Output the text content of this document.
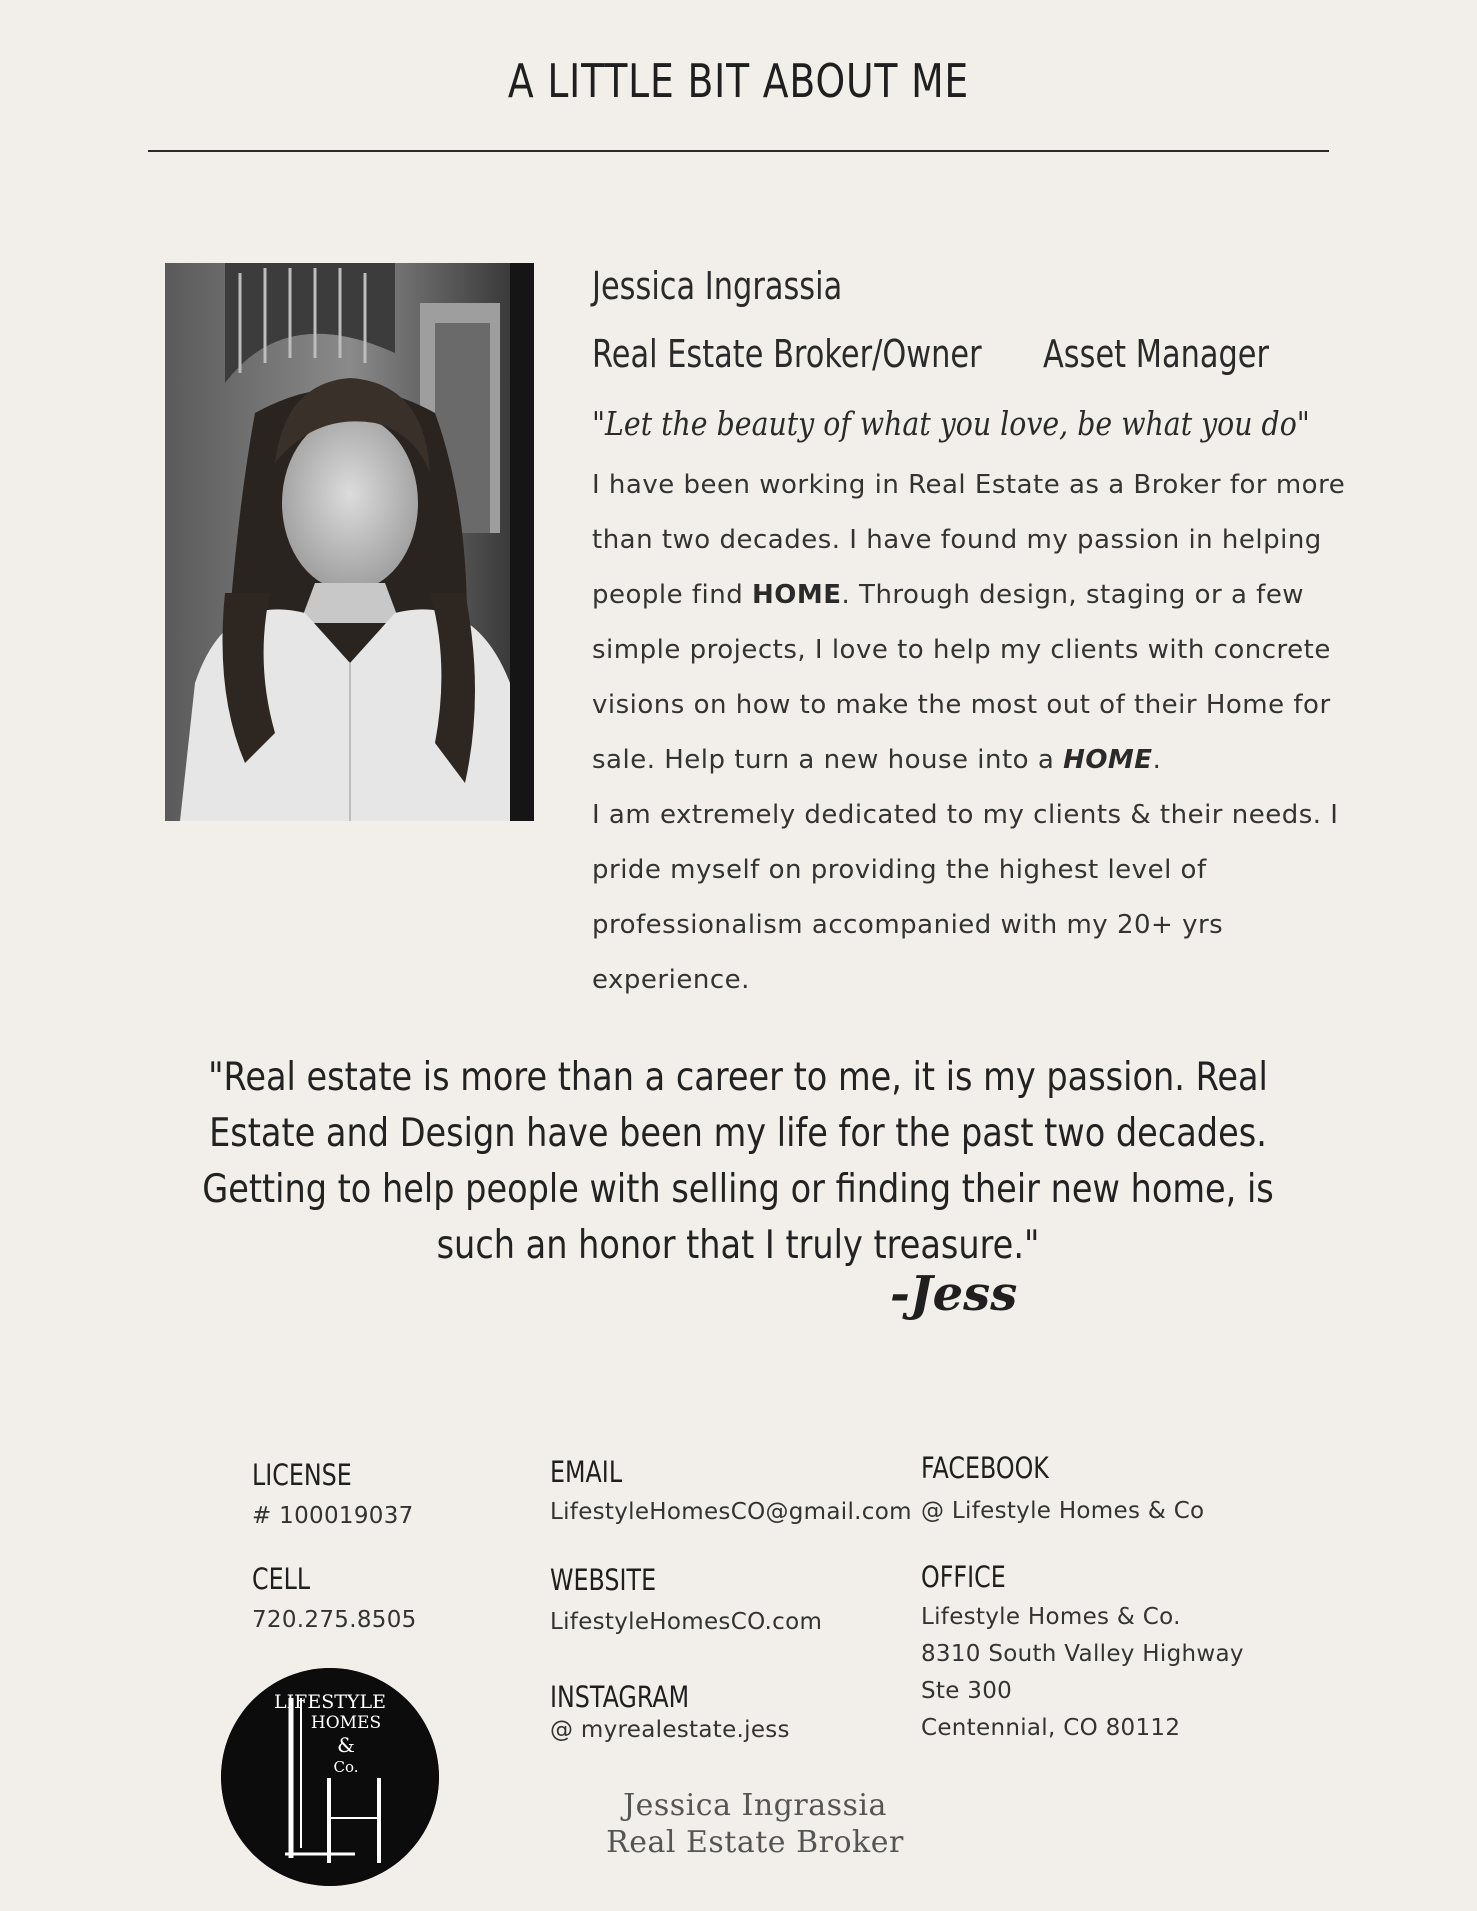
A LITTLE BIT ABOUT ME
Jessica Ingrassia
Real Estate Broker/Owner Asset Manager
"Let the beauty of what you love, be what you do"

I have been working in Real Estate as a Broker for more than two decades. I have found my passion in helping people find HOME. Through design, staging or a few simple projects, I love to help my clients with concrete visions on how to make the most out of their Home for sale. Help turn a new house into a HOME.

I am extremely dedicated to my clients & their needs. I pride myself on providing the highest level of professionalism accompanied with my 20+ yrs experience.

"Real estate is more than a career to me, it is my passion. Real Estate and Design have been my life for the past two decades. Getting to help people with selling or finding their new home, is such an honor that I truly treasure."
-Jess
LICENSE
# 100019037
CELL
720.275.8505
EMAIL
LifestyleHomesCO@gmail.com
WEBSITE
LifestyleHomesCO.com
INSTAGRAM
@ myrealestate.jess
FACEBOOK
@ Lifestyle Homes & Co
OFFICE
Lifestyle Homes & Co.
8310 South Valley Highway
Ste 300
Centennial, CO 80112
LIFESTYLE
HOMES
&
Co.
Jessica Ingrassia
Real Estate Broker
